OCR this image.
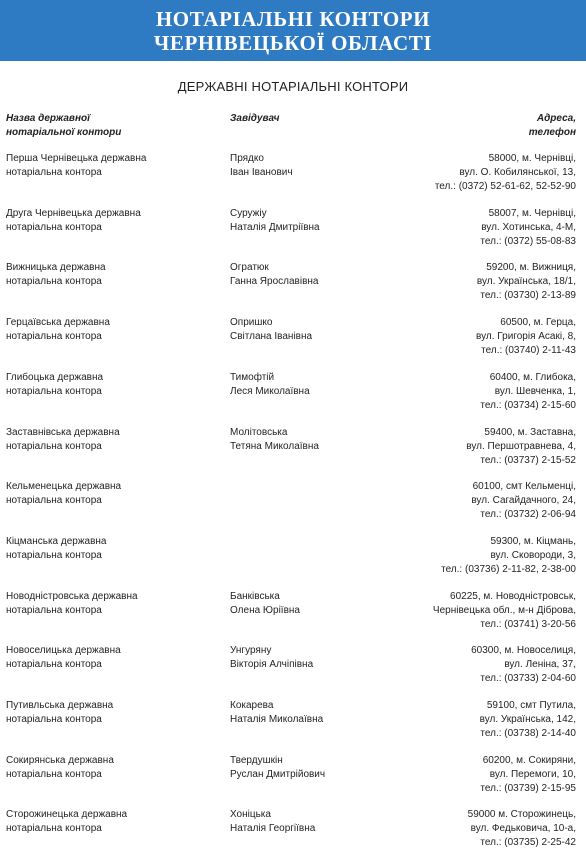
НОТАРІАЛЬНІ КОНТОРИ
ЧЕРНІВЕЦЬКОЇ ОБЛАСТІ
ДЕРЖАВНІ НОТАРІАЛЬНІ КОНТОРИ
Назва державної
нотаріальної контори
Завідувач	Адреса,
телефон
Перша Чернівецька державна
нотаріальна контора
Прядко
Іван Іванович
58000, м. Чернівці,
вул. О. Кобилянської, 13,
тел.: (0372) 52-61-62, 52-52-90
Друга Чернівецька державна
нотаріальна контора
Суружіу
Наталія Дмитріївна
58007, м. Чернівці,
вул. Хотинська, 4-М,
тел.: (0372) 55-08-83
Вижницька державна
нотаріальна контора
Огратюк
Ганна Ярославівна
59200, м. Вижниця,
вул. Українська, 18/1,
тел.: (03730) 2-13-89
Герцаївська державна
нотаріальна контора
Опришко
Світлана Іванівна
60500, м. Герца,
вул. Григорія Асакі, 8,
тел.: (03740) 2-11-43
Глибоцька державна
нотаріальна контора
Тимофтій
Леся Миколаївна
60400, м. Глибока,
вул. Шевченка, 1,
тел.: (03734) 2-15-60
Заставнівська державна
нотаріальна контора
Молітовська
Тетяна Миколаївна
59400, м. Заставна,
вул. Першотравнева, 4,
тел.: (03737) 2-15-52
Кельменецька державна
нотаріальна контора
60100, смт Кельменці,
вул. Сагайдачного, 24,
тел.: (03732) 2-06-94
Кіцманська державна
нотаріальна контора
59300, м. Кіцмань,
вул. Сковороди, 3,
тел.: (03736) 2-11-82, 2-38-00
Новодністровська державна
нотаріальна контора
Банківська
Олена Юріївна
60225, м. Новодністровськ,
Чернівецька обл., м-н Діброва,
тел.: (03741) 3-20-56
Новоселицька державна
нотаріальна контора
Унгуряну
Вікторія Алчіпівна
60300, м. Новоселиця,
вул. Леніна, 37,
тел.: (03733) 2-04-60
Путивльська державна
нотаріальна контора
Кокарева
Наталія Миколаївна
59100, смт Путила,
вул. Українська, 142,
тел.: (03738) 2-14-40
Сокирянська державна
нотаріальна контора
Твердушкін
Руслан Дмитрійович
60200, м. Сокиряни,
вул. Перемоги, 10,
тел.: (03739) 2-15-95
Сторожинецька державна
нотаріальна контора
Хоніцька
Наталія Георгіївна
59000 м. Сторожинець,
вул. Федьковича, 10-а,
тел.: (03735) 2-25-42
